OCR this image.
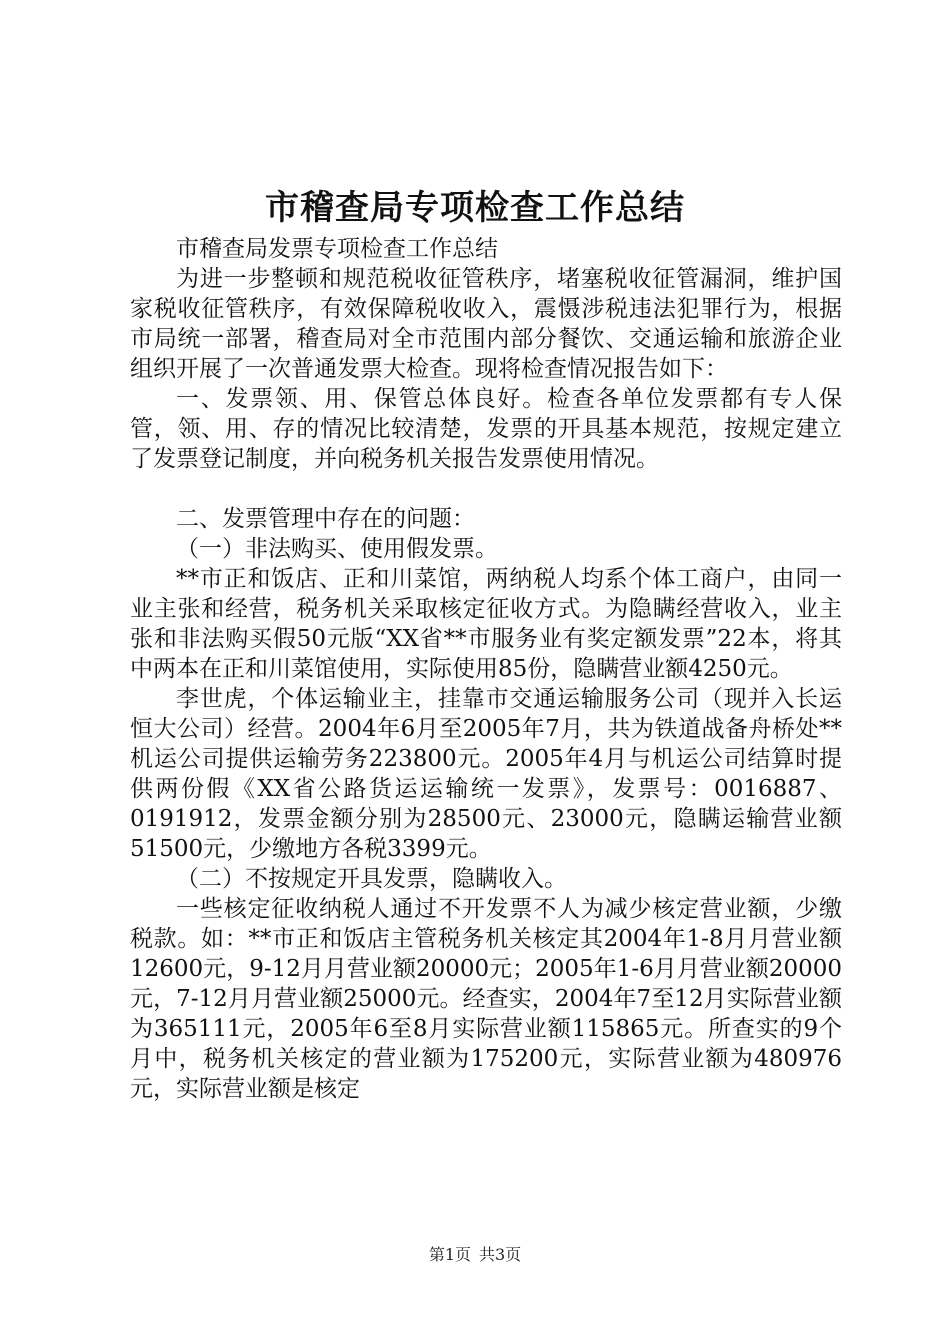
市稽查局专项检查工作总结

市稽查局发票专项检查工作总结

为进一步整顿和规范税收征管秩序，堵塞税收征管漏洞，维护国家税收征管秩序，有效保障税收收入，震慑涉税违法犯罪行为，根据市局统一部署，稽查局对全市范围内部分餐饮、交通运输和旅游企业组织开展了一次普通发票大检查。现将检查情况报告如下：

一、发票领、用、保管总体良好。检查各单位发票都有专人保管，领、用、存的情况比较清楚，发票的开具基本规范，按规定建立了发票登记制度，并向税务机关报告发票使用情况。

二、发票管理中存在的问题：

（一）非法购买、使用假发票。

**市正和饭店、正和川菜馆，两纳税人均系个体工商户，由同一业主张和经营，税务机关采取核定征收方式。为隐瞒经营收入，业主张和非法购买假50元版“XX省**市服务业有奖定额发票”22本，将其中两本在正和川菜馆使用，实际使用85份，隐瞒营业额4250元。

李世虎，个体运输业主，挂靠市交通运输服务公司（现并入长运恒大公司）经营。2004年6月至2005年7月，共为铁道战备舟桥处**机运公司提供运输劳务223800元。2005年4月与机运公司结算时提供两份假《XX省公路货运运输统一发票》，发票号：0016887、0191912，发票金额分别为28500元、23000元，隐瞒运输营业额51500元，少缴地方各税3399元。

（二）不按规定开具发票，隐瞒收入。

一些核定征收纳税人通过不开发票不人为减少核定营业额，少缴税款。如：**市正和饭店主管税务机关核定其2004年1-8月月营业额12600元，9-12月月营业额20000元；2005年1-6月月营业额20000元，7-12月月营业额25000元。经查实，2004年7至12月实际营业额为365111元，2005年6至8月实际营业额115865元。所查实的9个月中，税务机关核定的营业额为175200元，实际营业额为480976元，实际营业额是核定

第1页 共3页
